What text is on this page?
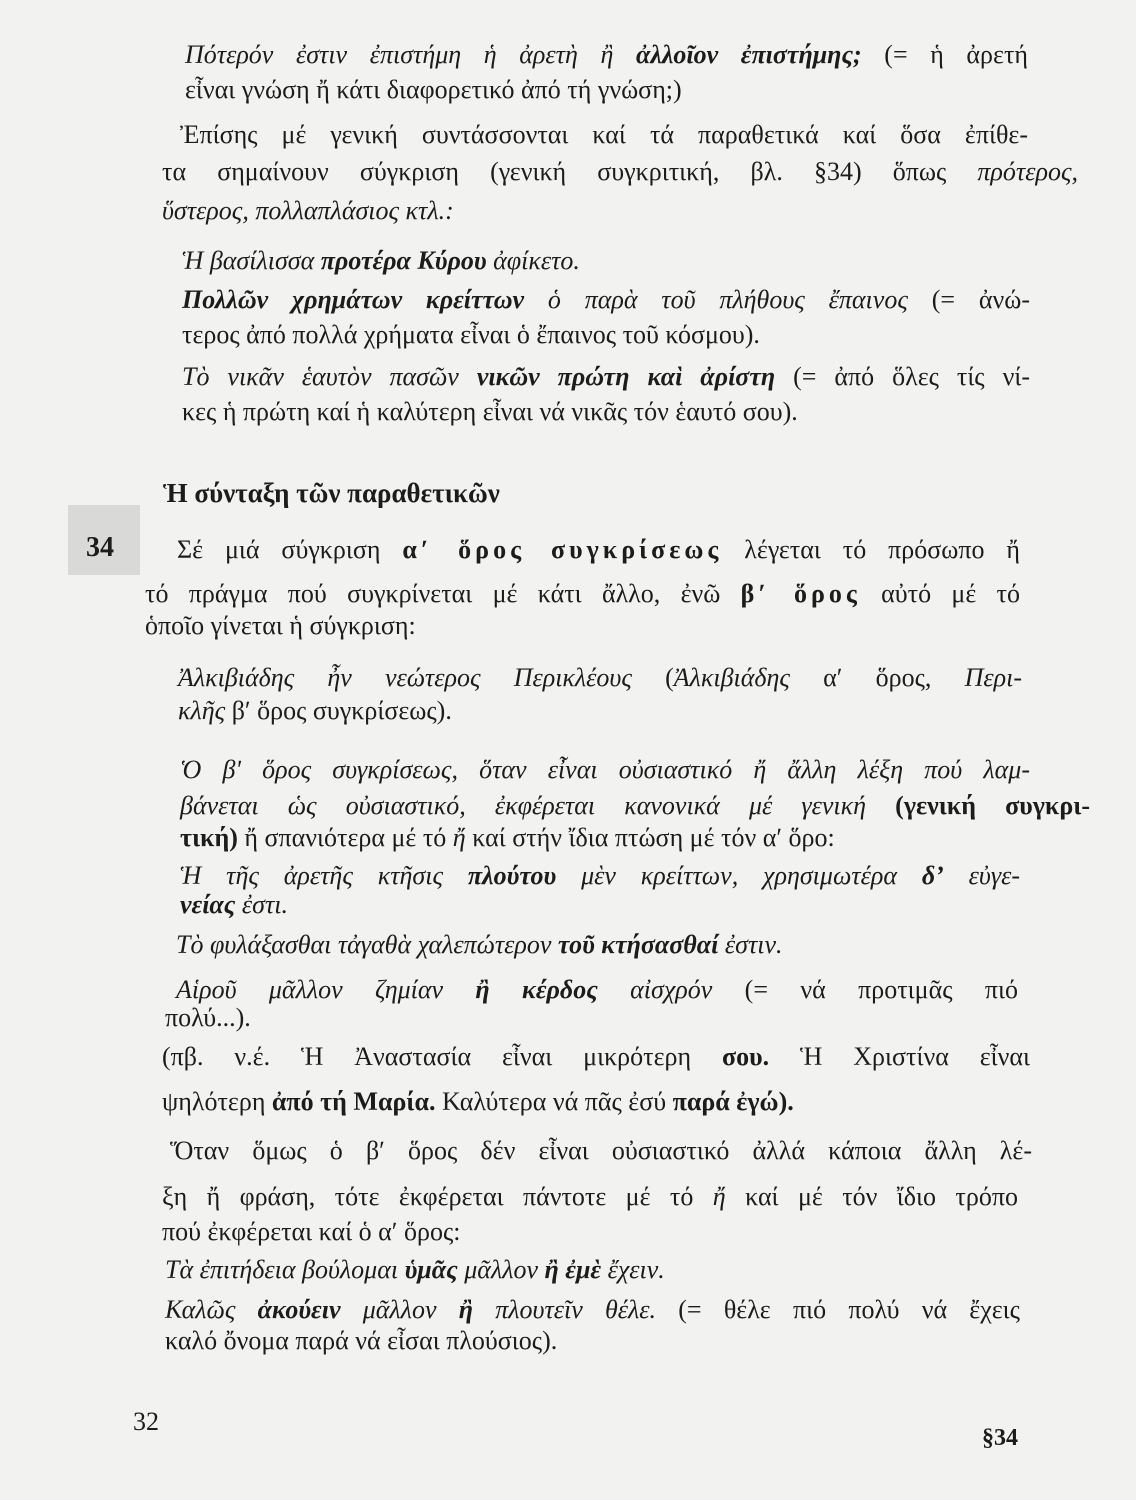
Πότερόν ἐστιν ἐπιστήμη ἡ ἀρετὴ ἢ ἀλλοῖον ἐπιστήμης; (= ἡ ἀρετή
εἶναι γνώση ἤ κάτι διαφορετικό ἀπό τή γνώση;)
Ἐπίσης μέ γενική συντάσσονται καί τά παραθετικά καί ὅσα ἐπίθε-
τα σημαίνουν σύγκριση (γενική συγκριτική, βλ. §34) ὅπως πρότερος,
ὕστερος, πολλαπλάσιος κτλ.:
Ἡ βασίλισσα προτέρα Κύρου ἀφίκετο.
Πολλῶν χρημάτων κρείττων ὁ παρὰ τοῦ πλήθους ἔπαινος (= ἀνώ-
τερος ἀπό πολλά χρήματα εἶναι ὁ ἔπαινος τοῦ κόσμου).
Τὸ νικᾶν ἑαυτὸν πασῶν νικῶν πρώτη καὶ ἀρίστη (= ἀπό ὅλες τίς νί-
κες ἡ πρώτη καί ἡ καλύτερη εἶναι νά νικᾶς τόν ἑαυτό σου).
Ἡ σύνταξη τῶν παραθετικῶν
34 Σέ μιά σύγκριση αʹ ὅρος συγκρίσεως λέγεται τό πρόσωπο ἤ
τό πράγμα πού συγκρίνεται μέ κάτι ἄλλο, ἐνῶ βʹ ὅρος αὐτό μέ τό
ὁποῖο γίνεται ἡ σύγκριση:
Ἀλκιβιάδης ἦν νεώτερος Περικλέους (Ἀλκιβιάδης αʹ ὅρος, Περι-
κλῆς βʹ ὅρος συγκρίσεως).
Ὁ βʹ ὅρος συγκρίσεως, ὅταν εἶναι οὐσιαστικό ἤ ἄλλη λέξη πού λαμ-
βάνεται ὡς οὐσιαστικό, ἐκφέρεται κανονικά μέ γενική (γενική συγκρι-
τική) ἤ σπανιότερα μέ τό ἤ καί στήν ἴδια πτώση μέ τόν αʹ ὅρο:
Ἡ τῆς ἀρετῆς κτῆσις πλούτου μὲν κρείττων, χρησιμωτέρα δ’ εὐγε-
νείας ἐστι.
Τὸ φυλάξασθαι τἀγαθὰ χαλεπώτερον τοῦ κτήσασθαί ἐστιν.
Αἱροῦ μᾶλλον ζημίαν ἢ κέρδος αἰσχρόν (= νά προτιμᾶς πιό
πολύ...).
(πβ. ν.έ. Ἡ Ἀναστασία εἶναι μικρότερη σου. Ἡ Χριστίνα εἶναι
ψηλότερη ἀπό τή Μαρία. Καλύτερα νά πᾶς ἐσύ παρά ἐγώ).
Ὅταν ὅμως ὁ βʹ ὅρος δέν εἶναι οὐσιαστικό ἀλλά κάποια ἄλλη λέ-
ξη ἤ φράση, τότε ἐκφέρεται πάντοτε μέ τό ἤ καί μέ τόν ἴδιο τρόπο
πού ἐκφέρεται καί ὁ αʹ ὅρος:
Τὰ ἐπιτήδεια βούλομαι ὑμᾶς μᾶλλον ἢ ἐμὲ ἔχειν.
Καλῶς ἀκούειν μᾶλλον ἢ πλουτεῖν θέλε. (= θέλε πιό πολύ νά ἔχεις
καλό ὄνομα παρά νά εἶσαι πλούσιος).
32
§34
